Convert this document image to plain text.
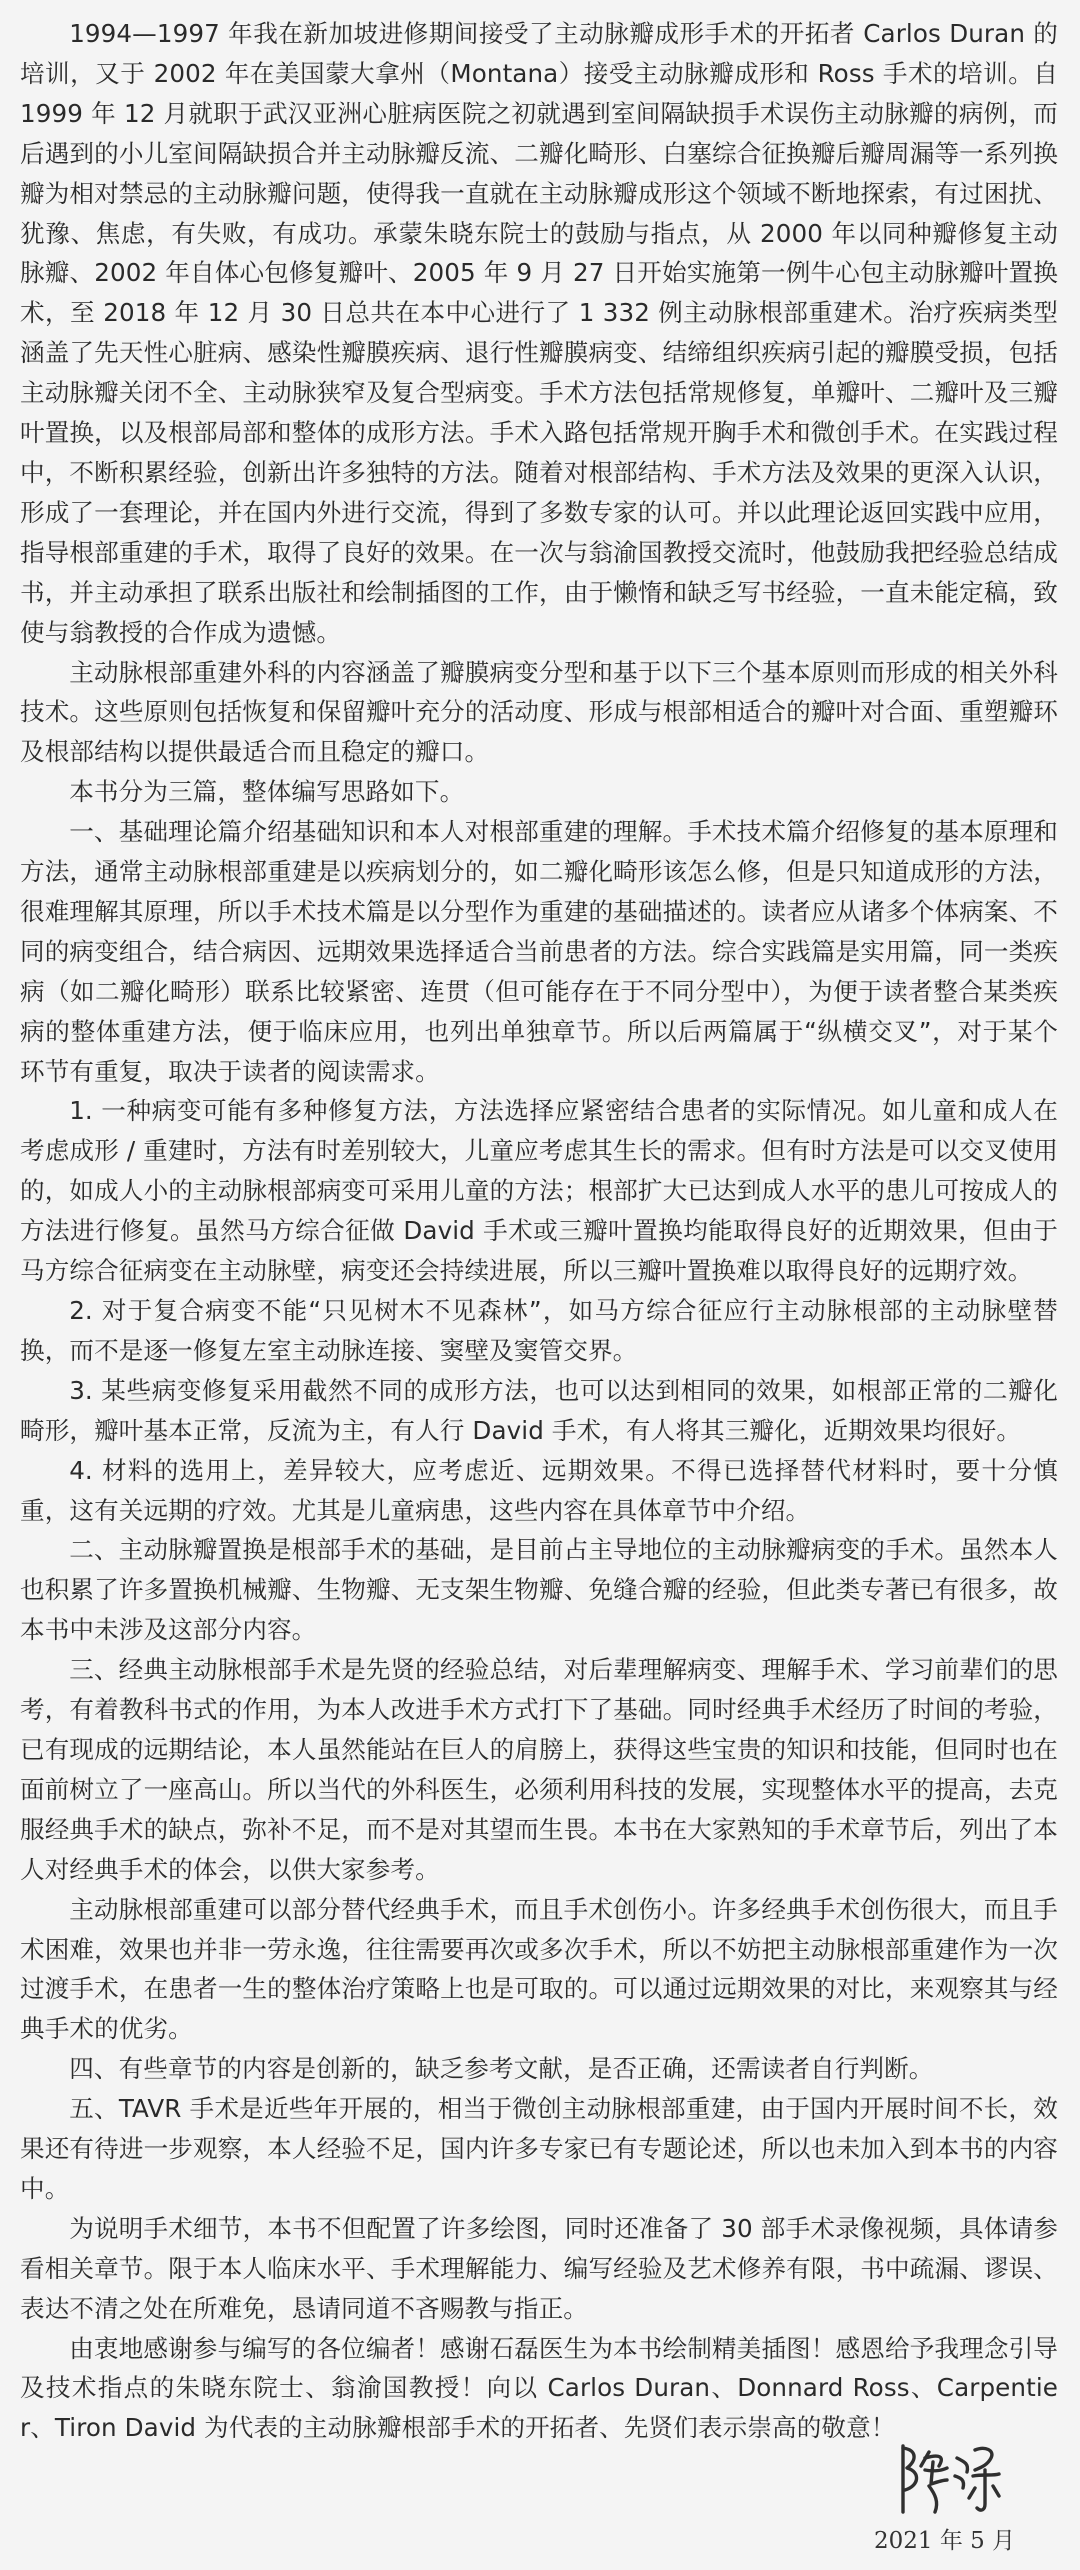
1994—1997 年我在新加坡进修期间接受了主动脉瓣成形手术的开拓者 Carlos Duran 的培训，又于 2002 年在美国蒙大拿州（Montana）接受主动脉瓣成形和 Ross 手术的培训。自 1999 年 12 月就职于武汉亚洲心脏病医院之初就遇到室间隔缺损手术误伤主动脉瓣的病例，而后遇到的小儿室间隔缺损合并主动脉瓣反流、二瓣化畸形、白塞综合征换瓣后瓣周漏等一系列换瓣为相对禁忌的主动脉瓣问题，使得我一直就在主动脉瓣成形这个领域不断地探索，有过困扰、犹豫、焦虑，有失败，有成功。承蒙朱晓东院士的鼓励与指点，从 2000 年以同种瓣修复主动脉瓣、2002 年自体心包修复瓣叶、2005 年 9 月 27 日开始实施第一例牛心包主动脉瓣叶置换术，至 2018 年 12 月 30 日总共在本中心进行了 1 332 例主动脉根部重建术。治疗疾病类型涵盖了先天性心脏病、感染性瓣膜疾病、退行性瓣膜病变、结缔组织疾病引起的瓣膜受损，包括主动脉瓣关闭不全、主动脉狭窄及复合型病变。手术方法包括常规修复，单瓣叶、二瓣叶及三瓣叶置换，以及根部局部和整体的成形方法。手术入路包括常规开胸手术和微创手术。在实践过程中，不断积累经验，创新出许多独特的方法。随着对根部结构、手术方法及效果的更深入认识，形成了一套理论，并在国内外进行交流，得到了多数专家的认可。并以此理论返回实践中应用，指导根部重建的手术，取得了良好的效果。在一次与翁渝国教授交流时，他鼓励我把经验总结成书，并主动承担了联系出版社和绘制插图的工作，由于懒惰和缺乏写书经验，一直未能定稿，致使与翁教授的合作成为遗憾。

主动脉根部重建外科的内容涵盖了瓣膜病变分型和基于以下三个基本原则而形成的相关外科技术。这些原则包括恢复和保留瓣叶充分的活动度、形成与根部相适合的瓣叶对合面、重塑瓣环及根部结构以提供最适合而且稳定的瓣口。

本书分为三篇，整体编写思路如下。

一、基础理论篇介绍基础知识和本人对根部重建的理解。手术技术篇介绍修复的基本原理和方法，通常主动脉根部重建是以疾病划分的，如二瓣化畸形该怎么修，但是只知道成形的方法，很难理解其原理，所以手术技术篇是以分型作为重建的基础描述的。读者应从诸多个体病案、不同的病变组合，结合病因、远期效果选择适合当前患者的方法。综合实践篇是实用篇，同一类疾病（如二瓣化畸形）联系比较紧密、连贯（但可能存在于不同分型中），为便于读者整合某类疾病的整体重建方法，便于临床应用，也列出单独章节。所以后两篇属于“纵横交叉”，对于某个环节有重复，取决于读者的阅读需求。

1. 一种病变可能有多种修复方法，方法选择应紧密结合患者的实际情况。如儿童和成人在考虑成形 / 重建时，方法有时差别较大，儿童应考虑其生长的需求。但有时方法是可以交叉使用的，如成人小的主动脉根部病变可采用儿童的方法；根部扩大已达到成人水平的患儿可按成人的方法进行修复。虽然马方综合征做 David 手术或三瓣叶置换均能取得良好的近期效果，但由于马方综合征病变在主动脉壁，病变还会持续进展，所以三瓣叶置换难以取得良好的远期疗效。

2. 对于复合病变不能“只见树木不见森林”，如马方综合征应行主动脉根部的主动脉壁替换，而不是逐一修复左室主动脉连接、窦壁及窦管交界。

3. 某些病变修复采用截然不同的成形方法，也可以达到相同的效果，如根部正常的二瓣化畸形，瓣叶基本正常，反流为主，有人行 David 手术，有人将其三瓣化，近期效果均很好。

4. 材料的选用上，差异较大，应考虑近、远期效果。不得已选择替代材料时，要十分慎重，这有关远期的疗效。尤其是儿童病患，这些内容在具体章节中介绍。

二、主动脉瓣置换是根部手术的基础，是目前占主导地位的主动脉瓣病变的手术。虽然本人也积累了许多置换机械瓣、生物瓣、无支架生物瓣、免缝合瓣的经验，但此类专著已有很多，故本书中未涉及这部分内容。

三、经典主动脉根部手术是先贤的经验总结，对后辈理解病变、理解手术、学习前辈们的思考，有着教科书式的作用，为本人改进手术方式打下了基础。同时经典手术经历了时间的考验，已有现成的远期结论，本人虽然能站在巨人的肩膀上，获得这些宝贵的知识和技能，但同时也在面前树立了一座高山。所以当代的外科医生，必须利用科技的发展，实现整体水平的提高，去克服经典手术的缺点，弥补不足，而不是对其望而生畏。本书在大家熟知的手术章节后，列出了本人对经典手术的体会，以供大家参考。

主动脉根部重建可以部分替代经典手术，而且手术创伤小。许多经典手术创伤很大，而且手术困难，效果也并非一劳永逸，往往需要再次或多次手术，所以不妨把主动脉根部重建作为一次过渡手术，在患者一生的整体治疗策略上也是可取的。可以通过远期效果的对比，来观察其与经典手术的优劣。

四、有些章节的内容是创新的，缺乏参考文献，是否正确，还需读者自行判断。

五、TAVR 手术是近些年开展的，相当于微创主动脉根部重建，由于国内开展时间不长，效果还有待进一步观察，本人经验不足，国内许多专家已有专题论述，所以也未加入到本书的内容中。

为说明手术细节，本书不但配置了许多绘图，同时还准备了 30 部手术录像视频，具体请参看相关章节。限于本人临床水平、手术理解能力、编写经验及艺术修养有限，书中疏漏、谬误、表达不清之处在所难免，恳请同道不吝赐教与指正。

由衷地感谢参与编写的各位编者！感谢石磊医生为本书绘制精美插图！感恩给予我理念引导及技术指点的朱晓东院士、翁渝国教授！向以 Carlos Duran、Donnard Ross、Carpentier、Tiron David 为代表的主动脉瓣根部手术的开拓者、先贤们表示崇高的敬意！

2021 年 5 月
